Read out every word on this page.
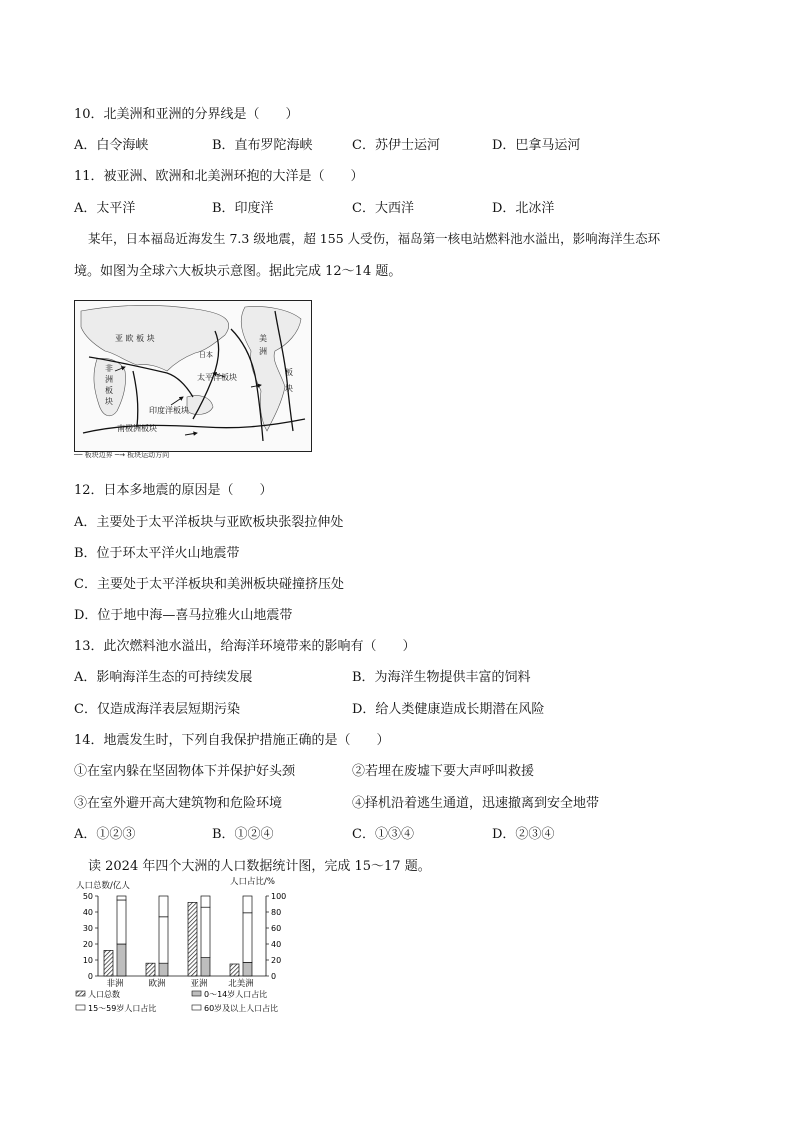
10．北美洲和亚洲的分界线是（　　）
A．白令海峡	B．直布罗陀海峡	C．苏伊士运河	D．巴拿马运河
11．被亚洲、欧洲和北美洲环抱的大洋是（　　）
A．太平洋	B．印度洋	C．大西洋	D．北冰洋
某年，日本福岛近海发生 7.3 级地震，超 155 人受伤，福岛第一核电站燃料池水溢出，影响海洋生态环
境。如图为全球六大板块示意图。据此完成 12～14 题。
亚 欧 板 块
日本
美
洲
非
洲
板
块
太平洋板块
板
块
印度洋板块
南极洲板块
── 板块边界 ─→ 板块运动方向
12．日本多地震的原因是（　　）
A．主要处于太平洋板块与亚欧板块张裂拉伸处
B．位于环太平洋火山地震带
C．主要处于太平洋板块和美洲板块碰撞挤压处
D．位于地中海—喜马拉雅火山地震带
13．此次燃料池水溢出，给海洋环境带来的影响有（　　）
A．影响海洋生态的可持续发展	B．为海洋生物提供丰富的饲料
C．仅造成海洋表层短期污染	D．给人类健康造成长期潜在风险
14．地震发生时，下列自我保护措施正确的是（　　）
①在室内躲在坚固物体下并保护好头颈	②若埋在废墟下要大声呼叫救援
③在室外避开高大建筑物和危险环境	④择机沿着逃生通道，迅速撤离到安全地带
A．①②③	B．①②④	C．①③④	D．②③④
读 2024 年四个大洲的人口数据统计图，完成 15～17 题。
人口总数/亿人	人口占比/%
0
10
20
30
40
50
0
20
40
60
80
100
非洲	欧洲	亚洲 北美洲
人口总数	0～14岁人口占比
15～59岁人口占比	60岁及以上人口占比
